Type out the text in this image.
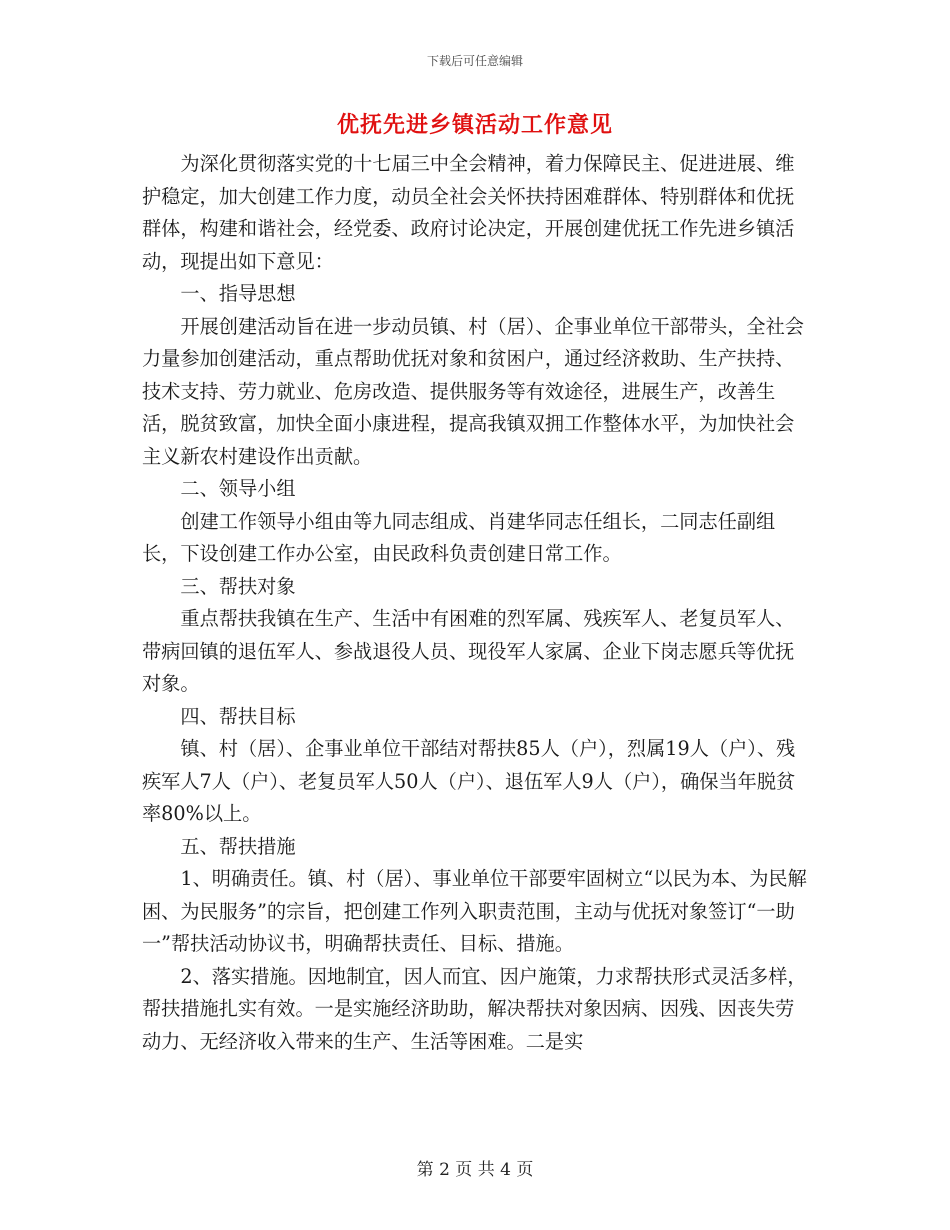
下载后可任意编辑
优抚先进乡镇活动工作意见

为深化贯彻落实党的十七届三中全会精神，着力保障民主、促进进展、维护稳定，加大创建工作力度，动员全社会关怀扶持困难群体、特别群体和优抚群体，构建和谐社会，经党委、政府讨论决定，开展创建优抚工作先进乡镇活动，现提出如下意见：

一、指导思想

开展创建活动旨在进一步动员镇、村（居）、企事业单位干部带头，全社会力量参加创建活动，重点帮助优抚对象和贫困户，通过经济救助、生产扶持、技术支持、劳力就业、危房改造、提供服务等有效途径，进展生产，改善生活，脱贫致富，加快全面小康进程，提高我镇双拥工作整体水平，为加快社会主义新农村建设作出贡献。

二、领导小组

创建工作领导小组由等九同志组成、肖建华同志任组长，二同志任副组长，下设创建工作办公室，由民政科负责创建日常工作。

三、帮扶对象

重点帮扶我镇在生产、生活中有困难的烈军属、残疾军人、老复员军人、带病回镇的退伍军人、参战退役人员、现役军人家属、企业下岗志愿兵等优抚对象。

四、帮扶目标

镇、村（居）、企事业单位干部结对帮扶85人（户），烈属19人（户）、残疾军人7人（户）、老复员军人50人（户）、退伍军人9人（户），确保当年脱贫率80%以上。

五、帮扶措施

1、明确责任。镇、村（居）、事业单位干部要牢固树立“以民为本、为民解困、为民服务”的宗旨，把创建工作列入职责范围，主动与优抚对象签订“一助一”帮扶活动协议书，明确帮扶责任、目标、措施。

2、落实措施。因地制宜，因人而宜、因户施策，力求帮扶形式灵活多样，帮扶措施扎实有效。一是实施经济助助，解决帮扶对象因病、因残、因丧失劳动力、无经济收入带来的生产、生活等困难。二是实

第 2 页 共 4 页
